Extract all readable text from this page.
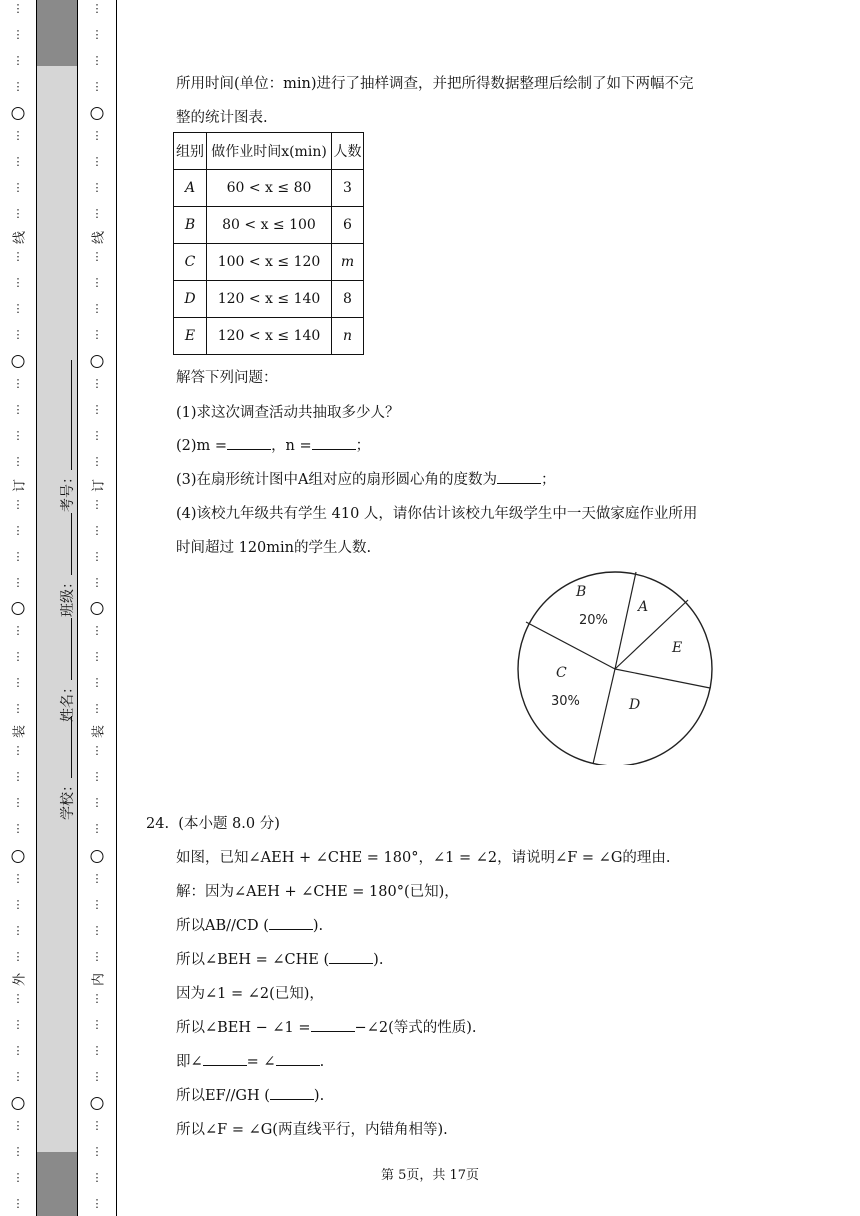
线
订
装
外
⋮
⋮
⋮
⋮
⋮
⋮
⋮
⋮
⋮
⋮
⋮
⋮
⋮
⋮
⋮
⋮
⋮
⋮
⋮
⋮
⋮
⋮
⋮
⋮
⋮
⋮
⋮
⋮
⋮
⋮
⋮
⋮
⋮
⋮
⋮
⋮
⋮
⋮
⋮
⋮
学校：
姓名：
班级：
考号：
线
订
装
内
⋮
⋮
⋮
⋮
⋮
⋮
⋮
⋮
⋮
⋮
⋮
⋮
⋮
⋮
⋮
⋮
⋮
⋮
⋮
⋮
⋮
⋮
⋮
⋮
⋮
⋮
⋮
⋮
⋮
⋮
⋮
⋮
⋮
⋮
⋮
⋮
⋮
⋮
⋮
⋮
所用时间(单位：min)进行了抽样调查，并把所得数据整理后绘制了如下两幅不完
整的统计图表.
组别	做作业时间x(min)	人数
A	60 < x ≤ 80	3
B	80 < x ≤ 100	6
C	100 < x ≤ 120	m
D	120 < x ≤ 140	8
E	120 < x ≤ 140	n
解答下列问题：
(1)求这次调查活动共抽取多少人？
(2)m =	，n =	；
(3)在扇形统计图中A组对应的扇形圆心角的度数为	；
(4)该校九年级共有学生 410 人，请你估计该校九年级学生中一天做家庭作业所用
时间超过 120min的学生人数.
B
A
E
C
D
20%
30%
24. (本小题 8.0 分)
如图，已知∠AEH + ∠CHE = 180°，∠1 = ∠2，请说明∠F = ∠G的理由.
解：因为∠AEH + ∠CHE = 180°(已知)，
所以AB//CD (	).
所以∠BEH = ∠CHE (	).
因为∠1 = ∠2(已知)，
所以∠BEH − ∠1 =	−∠2(等式的性质).
即∠	= ∠	.
所以EF//GH (	).
所以∠F = ∠G(两直线平行，内错角相等).
第 5页，共 17页
